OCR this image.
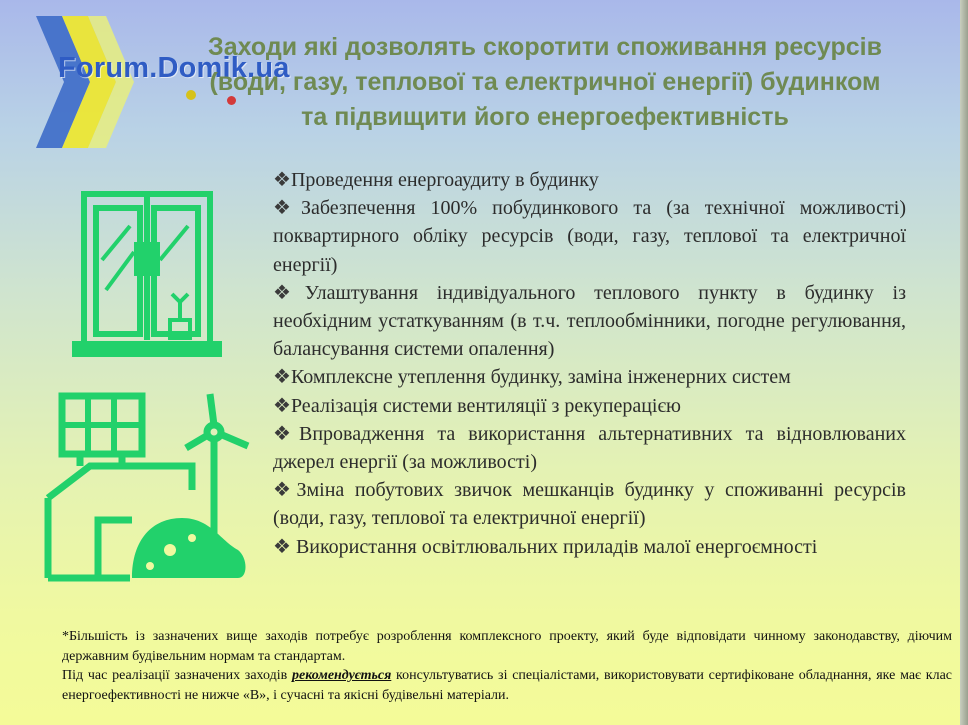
Forum.Domik.ua
Заходи які дозволять скоротити споживання ресурсів
(води, газу, теплової та електричної енергії) будинком
та підвищити його енергоефективність
❖Проведення енергоаудиту в будинку
❖Забезпечення 100% побудинкового та (за технічної можливості) поквартирного обліку ресурсів (води, газу, теплової та електричної енергії)
❖Улаштування індивідуального теплового пункту в будинку із необхідним устаткуванням (в т.ч. теплообмінники, погодне регулювання, балансування системи опалення)
❖Комплексне утеплення будинку, заміна інженерних систем
❖Реалізація системи вентиляції з рекуперацією
❖Впровадження та використання альтернативних та відновлюваних джерел енергії (за можливості)
❖Зміна побутових звичок мешканців будинку у споживанні ресурсів (води, газу, теплової та електричної енергії)
❖ Використання освітлювальних приладів малої енергоємності

*Більшість із зазначених вище заходів потребує розроблення комплексного проекту, який буде відповідати чинному законодавству, діючим державним будівельним нормам та стандартам.

Під час реалізації зазначених заходів рекомендується консультуватись зі спеціалістами, використовувати сертифіковане обладнання, яке має клас енергоефективності не нижче «В», і сучасні та якісні будівельні матеріали.
